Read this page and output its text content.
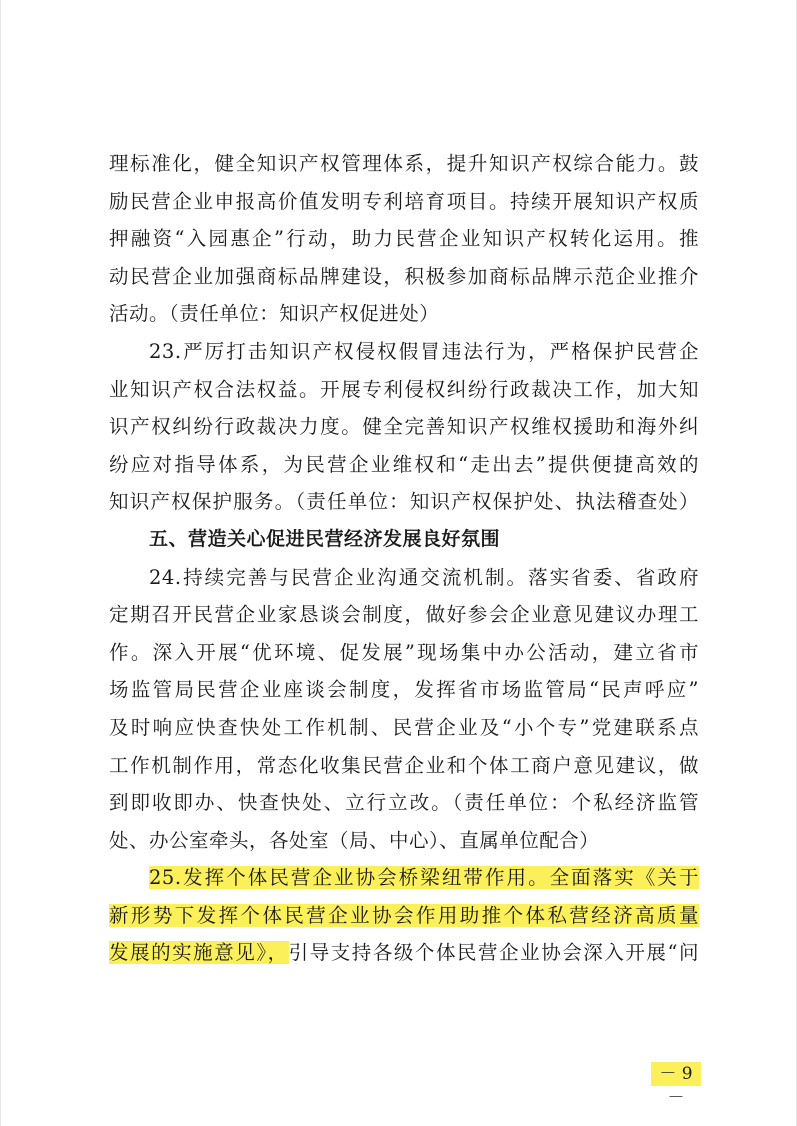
理标准化，健全知识产权管理体系，提升知识产权综合能力。鼓
励民营企业申报高价值发明专利培育项目。持续开展知识产权质
押融资“入园惠企”行动，助力民营企业知识产权转化运用。推
动民营企业加强商标品牌建设，积极参加商标品牌示范企业推介
活动。（责任单位：知识产权促进处）
23.严厉打击知识产权侵权假冒违法行为，严格保护民营企
业知识产权合法权益。开展专利侵权纠纷行政裁决工作，加大知
识产权纠纷行政裁决力度。健全完善知识产权维权援助和海外纠
纷应对指导体系，为民营企业维权和“走出去”提供便捷高效的
知识产权保护服务。（责任单位：知识产权保护处、执法稽查处）
五、营造关心促进民营经济发展良好氛围
24.持续完善与民营企业沟通交流机制。落实省委、省政府
定期召开民营企业家恳谈会制度，做好参会企业意见建议办理工
作。深入开展“优环境、促发展”现场集中办公活动，建立省市
场监管局民营企业座谈会制度，发挥省市场监管局“民声呼应”
及时响应快查快处工作机制、民营企业及“小个专”党建联系点
工作机制作用，常态化收集民营企业和个体工商户意见建议，做
到即收即办、快查快处、立行立改。（责任单位：个私经济监管
处、办公室牵头，各处室（局、中心）、直属单位配合）
25.发挥个体民营企业协会桥梁纽带作用。全面落实《关于
新形势下发挥个体民营企业协会作用助推个体私营经济高质量
发展的实施意见》，引导支持各级个体民营企业协会深入开展“问
－ 9 －
